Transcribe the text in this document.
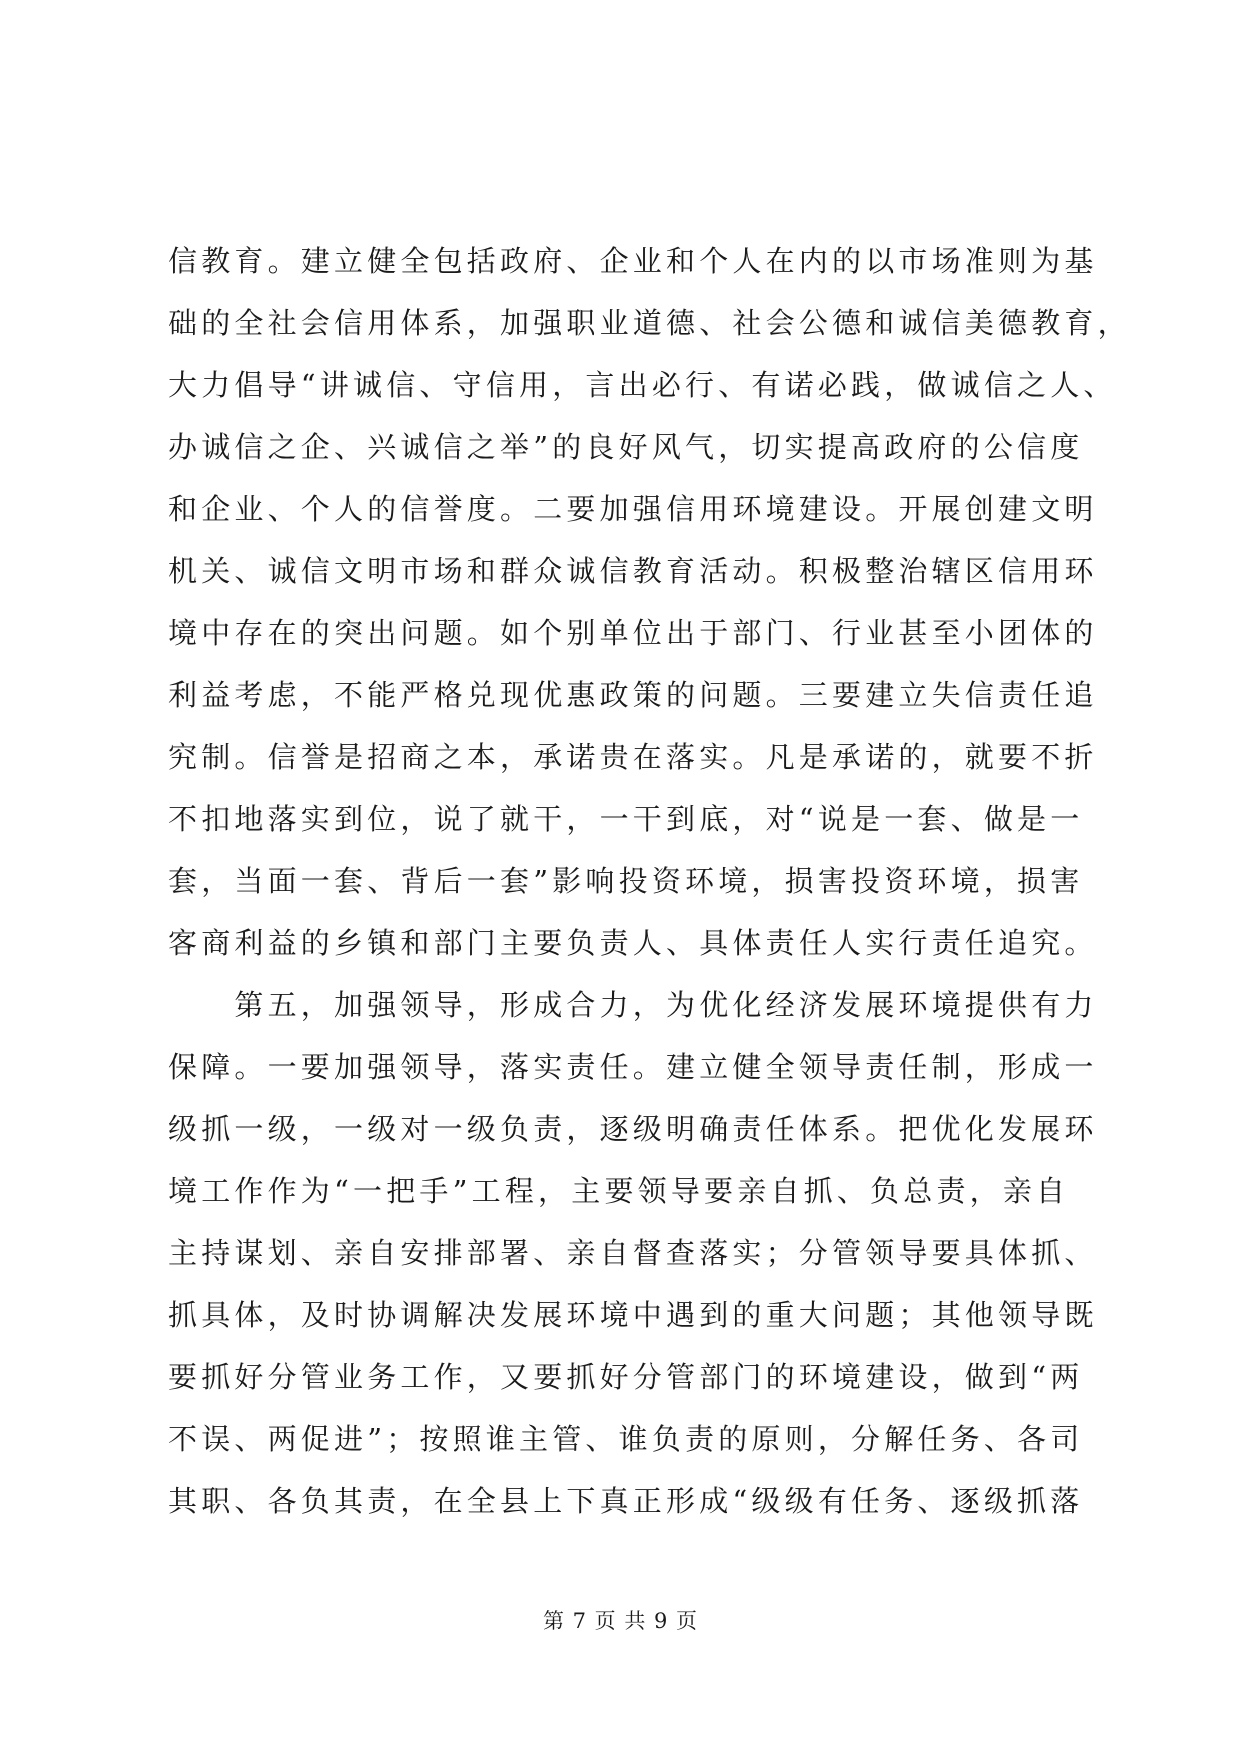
信教育。建立健全包括政府、企业和个人在内的以市场准则为基
础的全社会信用体系，加强职业道德、社会公德和诚信美德教育，
大力倡导“讲诚信、守信用，言出必行、有诺必践，做诚信之人、
办诚信之企、兴诚信之举”的良好风气，切实提高政府的公信度
和企业、个人的信誉度。二要加强信用环境建设。开展创建文明
机关、诚信文明市场和群众诚信教育活动。积极整治辖区信用环
境中存在的突出问题。如个别单位出于部门、行业甚至小团体的
利益考虑，不能严格兑现优惠政策的问题。三要建立失信责任追
究制。信誉是招商之本，承诺贵在落实。凡是承诺的，就要不折
不扣地落实到位，说了就干，一干到底，对“说是一套、做是一
套，当面一套、背后一套”影响投资环境，损害投资环境，损害
客商利益的乡镇和部门主要负责人、具体责任人实行责任追究。
　　第五，加强领导，形成合力，为优化经济发展环境提供有力
保障。一要加强领导，落实责任。建立健全领导责任制，形成一
级抓一级，一级对一级负责，逐级明确责任体系。把优化发展环
境工作作为“一把手”工程，主要领导要亲自抓、负总责，亲自
主持谋划、亲自安排部署、亲自督查落实；分管领导要具体抓、
抓具体，及时协调解决发展环境中遇到的重大问题；其他领导既
要抓好分管业务工作，又要抓好分管部门的环境建设，做到“两
不误、两促进”；按照谁主管、谁负责的原则，分解任务、各司
其职、各负其责，在全县上下真正形成“级级有任务、逐级抓落
第 7 页 共 9 页
